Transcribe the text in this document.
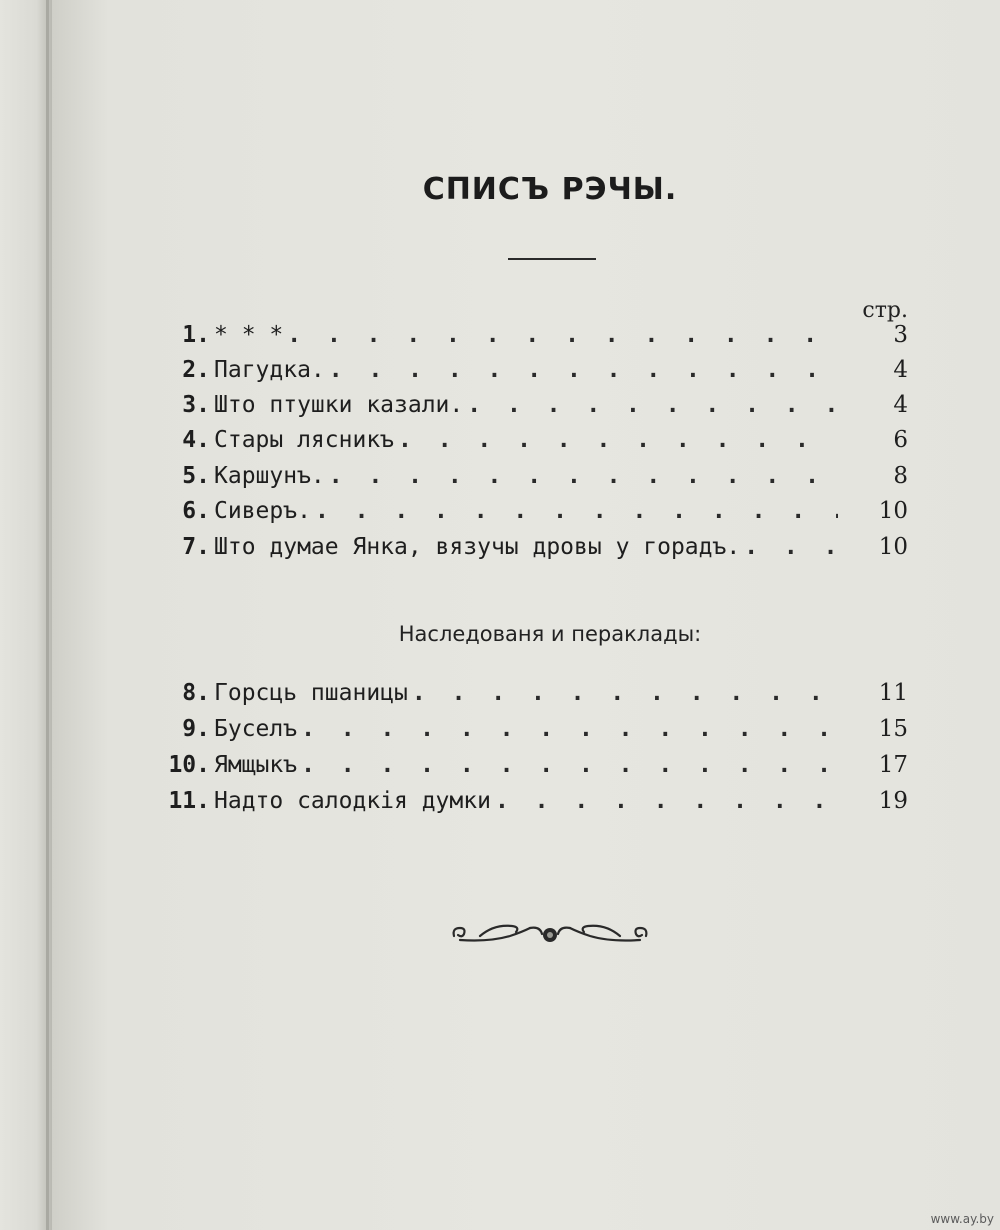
СПИСЪ РЭЧЫ.
стр.
1. * * * . . .	3
2. Пагудка. . . .	4
3. Што птушки казали. . . .	4
4. Стары лясникъ . . .	6
5. Каршунъ. . . .	8
6. Сиверъ. . . .	10
7. Што думае Янка, вязучы дровы у горадъ. . . .	10
Наследованя и пераклады:
8. Горсць пшаницы . . .	11
9. Буселъ . . .	15
10. Ямщыкъ . . .	17
11. Надто салодкія думки . . .	19
www.ay.by
